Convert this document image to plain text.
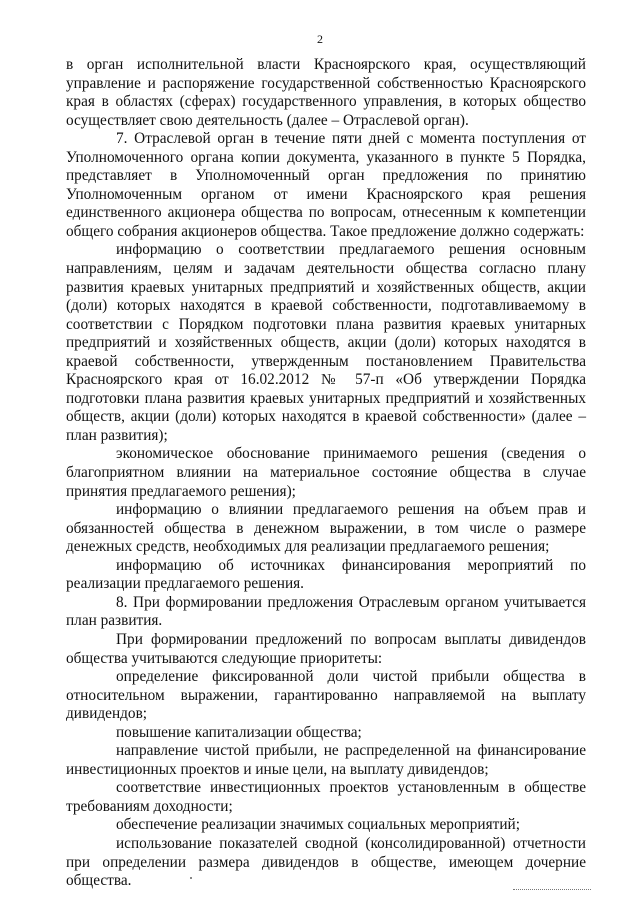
2

в орган исполнительной власти Красноярского края, осуществляющий управление и распоряжение государственной собственностью Красноярского края в областях (сферах) государственного управления, в которых общество осуществляет свою деятельность (далее – Отраслевой орган).

7. Отраслевой орган в течение пяти дней с момента поступления от Уполномоченного органа копии документа, указанного в пункте 5 Порядка, представляет в Уполномоченный орган предложения по принятию Уполномоченным органом от имени Красноярского края решения единственного акционера общества по вопросам, отнесенным к компетенции общего собрания акционеров общества. Такое предложение должно содержать:

информацию о соответствии предлагаемого решения основным направлениям, целям и задачам деятельности общества согласно плану развития краевых унитарных предприятий и хозяйственных обществ, акции (доли) которых находятся в краевой собственности, подготавливаемому в соответствии с Порядком подготовки плана развития краевых унитарных предприятий и хозяйственных обществ, акции (доли) которых находятся в краевой собственности, утвержденным постановлением Правительства Красноярского края от 16.02.2012 № 57-п «Об утверждении Порядка подготовки плана развития краевых унитарных предприятий и хозяйственных обществ, акции (доли) которых находятся в краевой собственности» (далее – план развития);

экономическое обоснование принимаемого решения (сведения о благоприятном влиянии на материальное состояние общества в случае принятия предлагаемого решения);

информацию о влиянии предлагаемого решения на объем прав и обязанностей общества в денежном выражении, в том числе о размере денежных средств, необходимых для реализации предлагаемого решения;

информацию об источниках финансирования мероприятий по реализации предлагаемого решения.

8. При формировании предложения Отраслевым органом учитывается план развития.

При формировании предложений по вопросам выплаты дивидендов общества учитываются следующие приоритеты:

определение фиксированной доли чистой прибыли общества в относительном выражении, гарантированно направляемой на выплату дивидендов;

повышение капитализации общества;

направление чистой прибыли, не распределенной на финансирование инвестиционных проектов и иные цели, на выплату дивидендов;

соответствие инвестиционных проектов установленным в обществе требованиям доходности;

обеспечение реализации значимых социальных мероприятий;

использование показателей сводной (консолидированной) отчетности при определении размера дивидендов в обществе, имеющем дочерние общества.
